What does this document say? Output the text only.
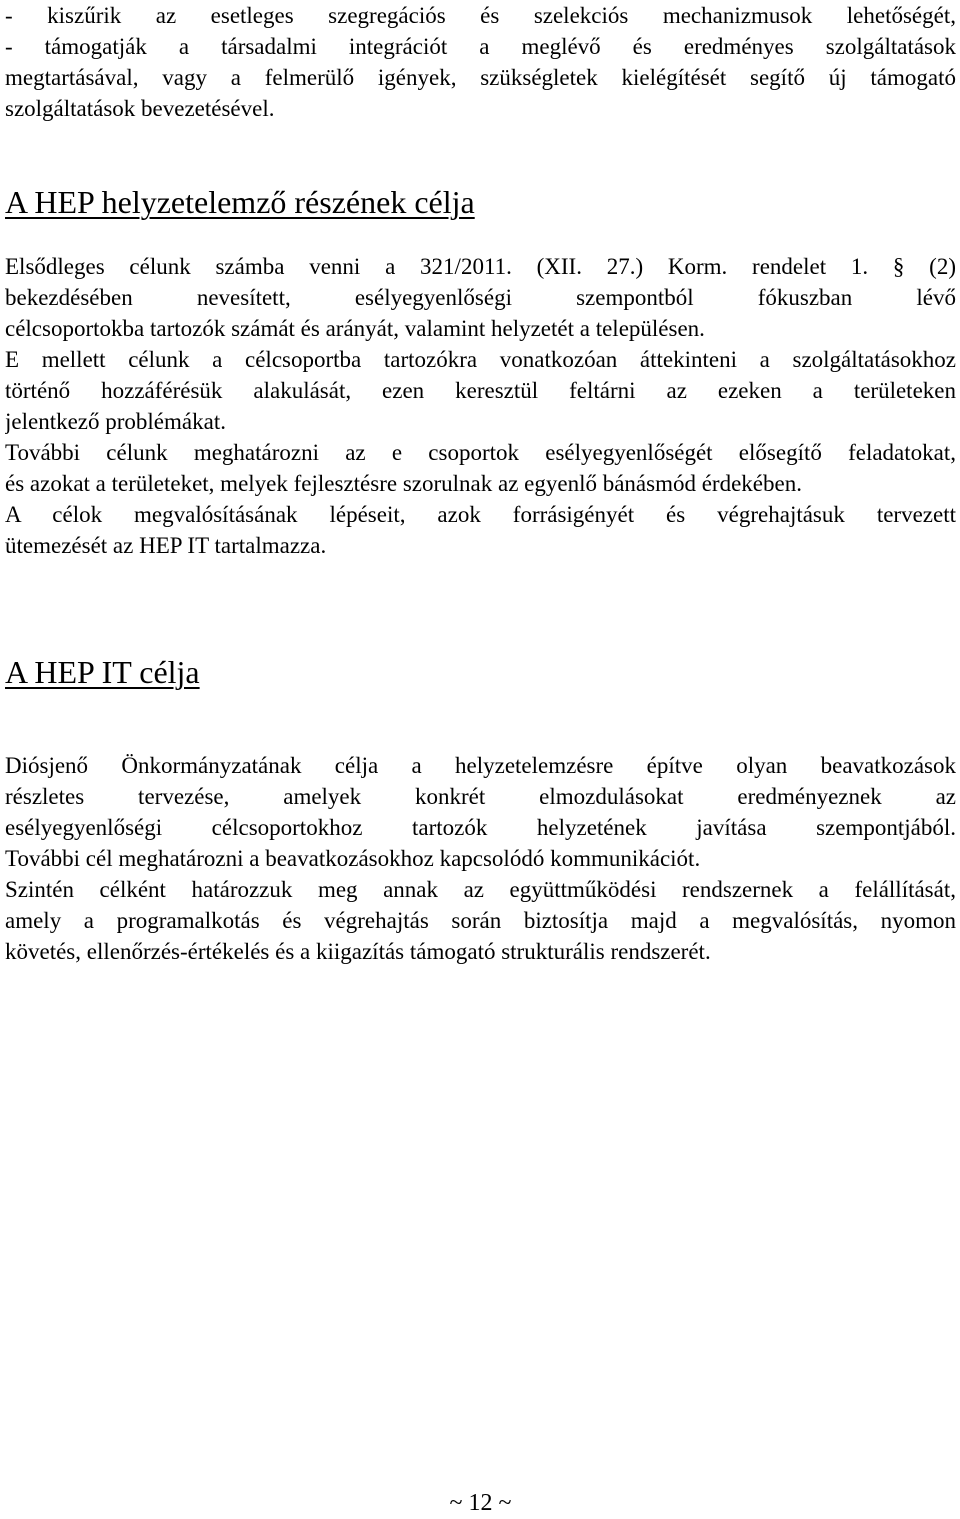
- kiszűrik az esetleges szegregációs és szelekciós mechanizmusok lehetőségét,
- támogatják a társadalmi integrációt a meglévő és eredményes szolgáltatások
megtartásával, vagy a felmerülő igények, szükségletek kielégítését segítő új támogató
szolgáltatások bevezetésével.
A HEP helyzetelemző részének célja
Elsődleges célunk számba venni a 321/2011. (XII. 27.) Korm. rendelet 1. § (2)
bekezdésében nevesített, esélyegyenlőségi szempontból fókuszban lévő
célcsoportokba tartozók számát és arányát, valamint helyzetét a településen.
E mellett célunk a célcsoportba tartozókra vonatkozóan áttekinteni a szolgáltatásokhoz
történő hozzáférésük alakulását, ezen keresztül feltárni az ezeken a területeken
jelentkező problémákat.
További célunk meghatározni az e csoportok esélyegyenlőségét elősegítő feladatokat,
és azokat a területeket, melyek fejlesztésre szorulnak az egyenlő bánásmód érdekében.
A célok megvalósításának lépéseit, azok forrásigényét és végrehajtásuk tervezett
ütemezését az HEP IT tartalmazza.
A HEP IT célja
Diósjenő Önkormányzatának célja a helyzetelemzésre építve olyan beavatkozások
részletes tervezése, amelyek konkrét elmozdulásokat eredményeznek az
esélyegyenlőségi célcsoportokhoz tartozók helyzetének javítása szempontjából.
További cél meghatározni a beavatkozásokhoz kapcsolódó kommunikációt.
Szintén célként határozzuk meg annak az együttműködési rendszernek a felállítását,
amely a programalkotás és végrehajtás során biztosítja majd a megvalósítás, nyomon
követés, ellenőrzés-értékelés és a kiigazítás támogató strukturális rendszerét.
~ 12 ~
